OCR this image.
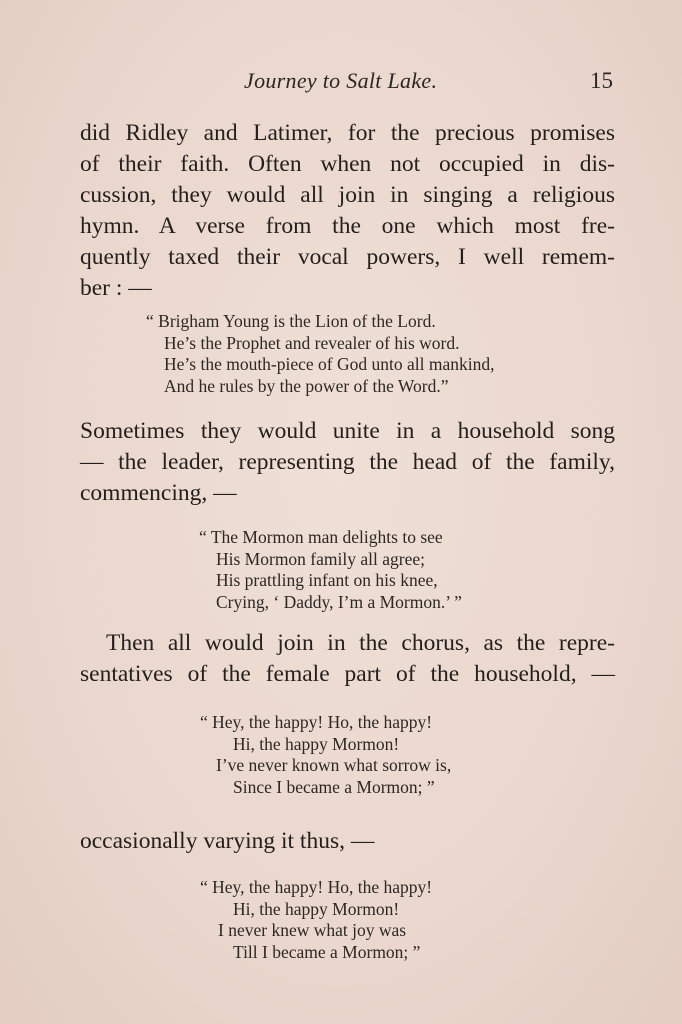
Journey to Salt Lake.	15
did Ridley and Latimer, for the precious promises
of their faith. Often when not occupied in dis-
cussion, they would all join in singing a religious
hymn. A verse from the one which most fre-
quently taxed their vocal powers, I well remem-
ber : —
“ Brigham Young is the Lion of the Lord.
He’s the Prophet and revealer of his word.
He’s the mouth-piece of God unto all mankind,
And he rules by the power of the Word.”
Sometimes they would unite in a household song
— the leader, representing the head of the family,
commencing, —
“ The Mormon man delights to see
His Mormon family all agree;
His prattling infant on his knee,
Crying, ‘ Daddy, I’m a Mormon.’ ”
Then all would join in the chorus, as the repre-
sentatives of the female part of the household, —
“ Hey, the happy! Ho, the happy!
Hi, the happy Mormon!
I’ve never known what sorrow is,
Since I became a Mormon; ”
occasionally varying it thus, —
“ Hey, the happy! Ho, the happy!
Hi, the happy Mormon!
I never knew what joy was
Till I became a Mormon; ”
